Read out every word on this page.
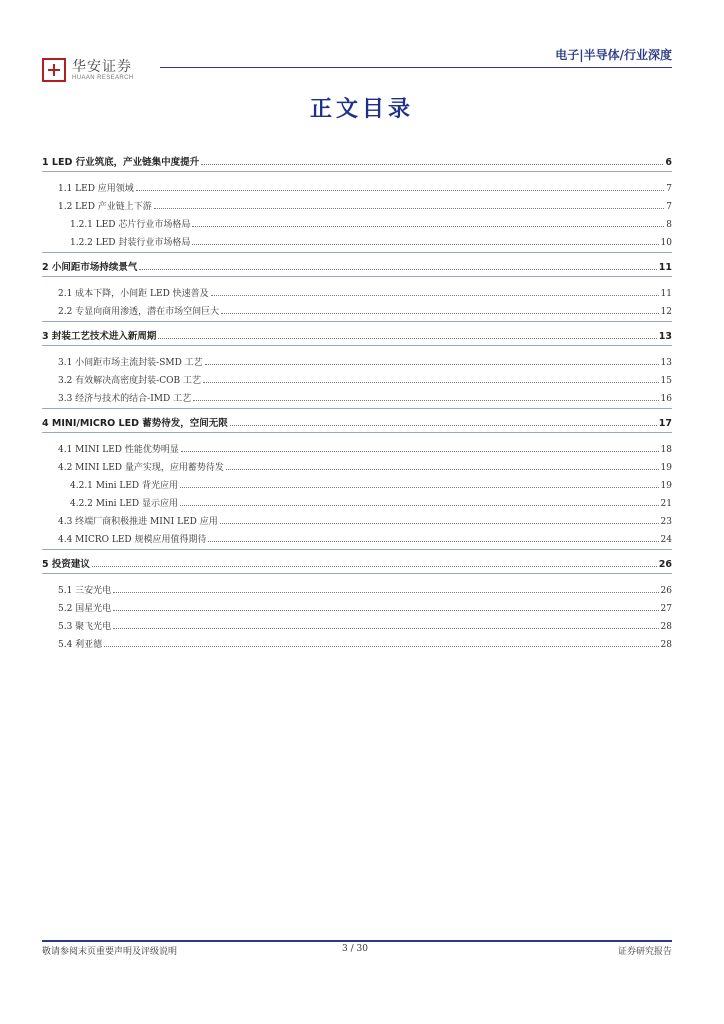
华安证券
HUAAN RESEARCH
电子|半导体/行业深度
正文目录
1 LED 行业筑底，产业链集中度提升	6
1.1 LED 应用领域	7
1.2 LED 产业链上下游	7
1.2.1 LED 芯片行业市场格局	8
1.2.2 LED 封装行业市场格局	10
2 小间距市场持续景气	11
2.1 成本下降，小间距 LED 快速普及	11
2.2 专显向商用渗透，潜在市场空间巨大	12
3 封装工艺技术进入新周期	13
3.1 小间距市场主流封装-SMD 工艺	13
3.2 有效解决高密度封装-COB 工艺	15
3.3 经济与技术的结合-IMD 工艺	16
4 MINI/MICRO LED 蓄势待发，空间无限	17
4.1 MINI LED 性能优势明显	18
4.2 MINI LED 量产实现，应用蓄势待发	19
4.2.1 Mini LED 背光应用	19
4.2.2 Mini LED 显示应用	21
4.3 终端厂商积极推进 MINI LED 应用	23
4.4 MICRO LED 规模应用值得期待	24
5 投资建议	26
5.1 三安光电	26
5.2 国星光电	27
5.3 聚飞光电	28
5.4 利亚德	28
敬请参阅末页重要声明及评级说明	3 / 30	证券研究报告
